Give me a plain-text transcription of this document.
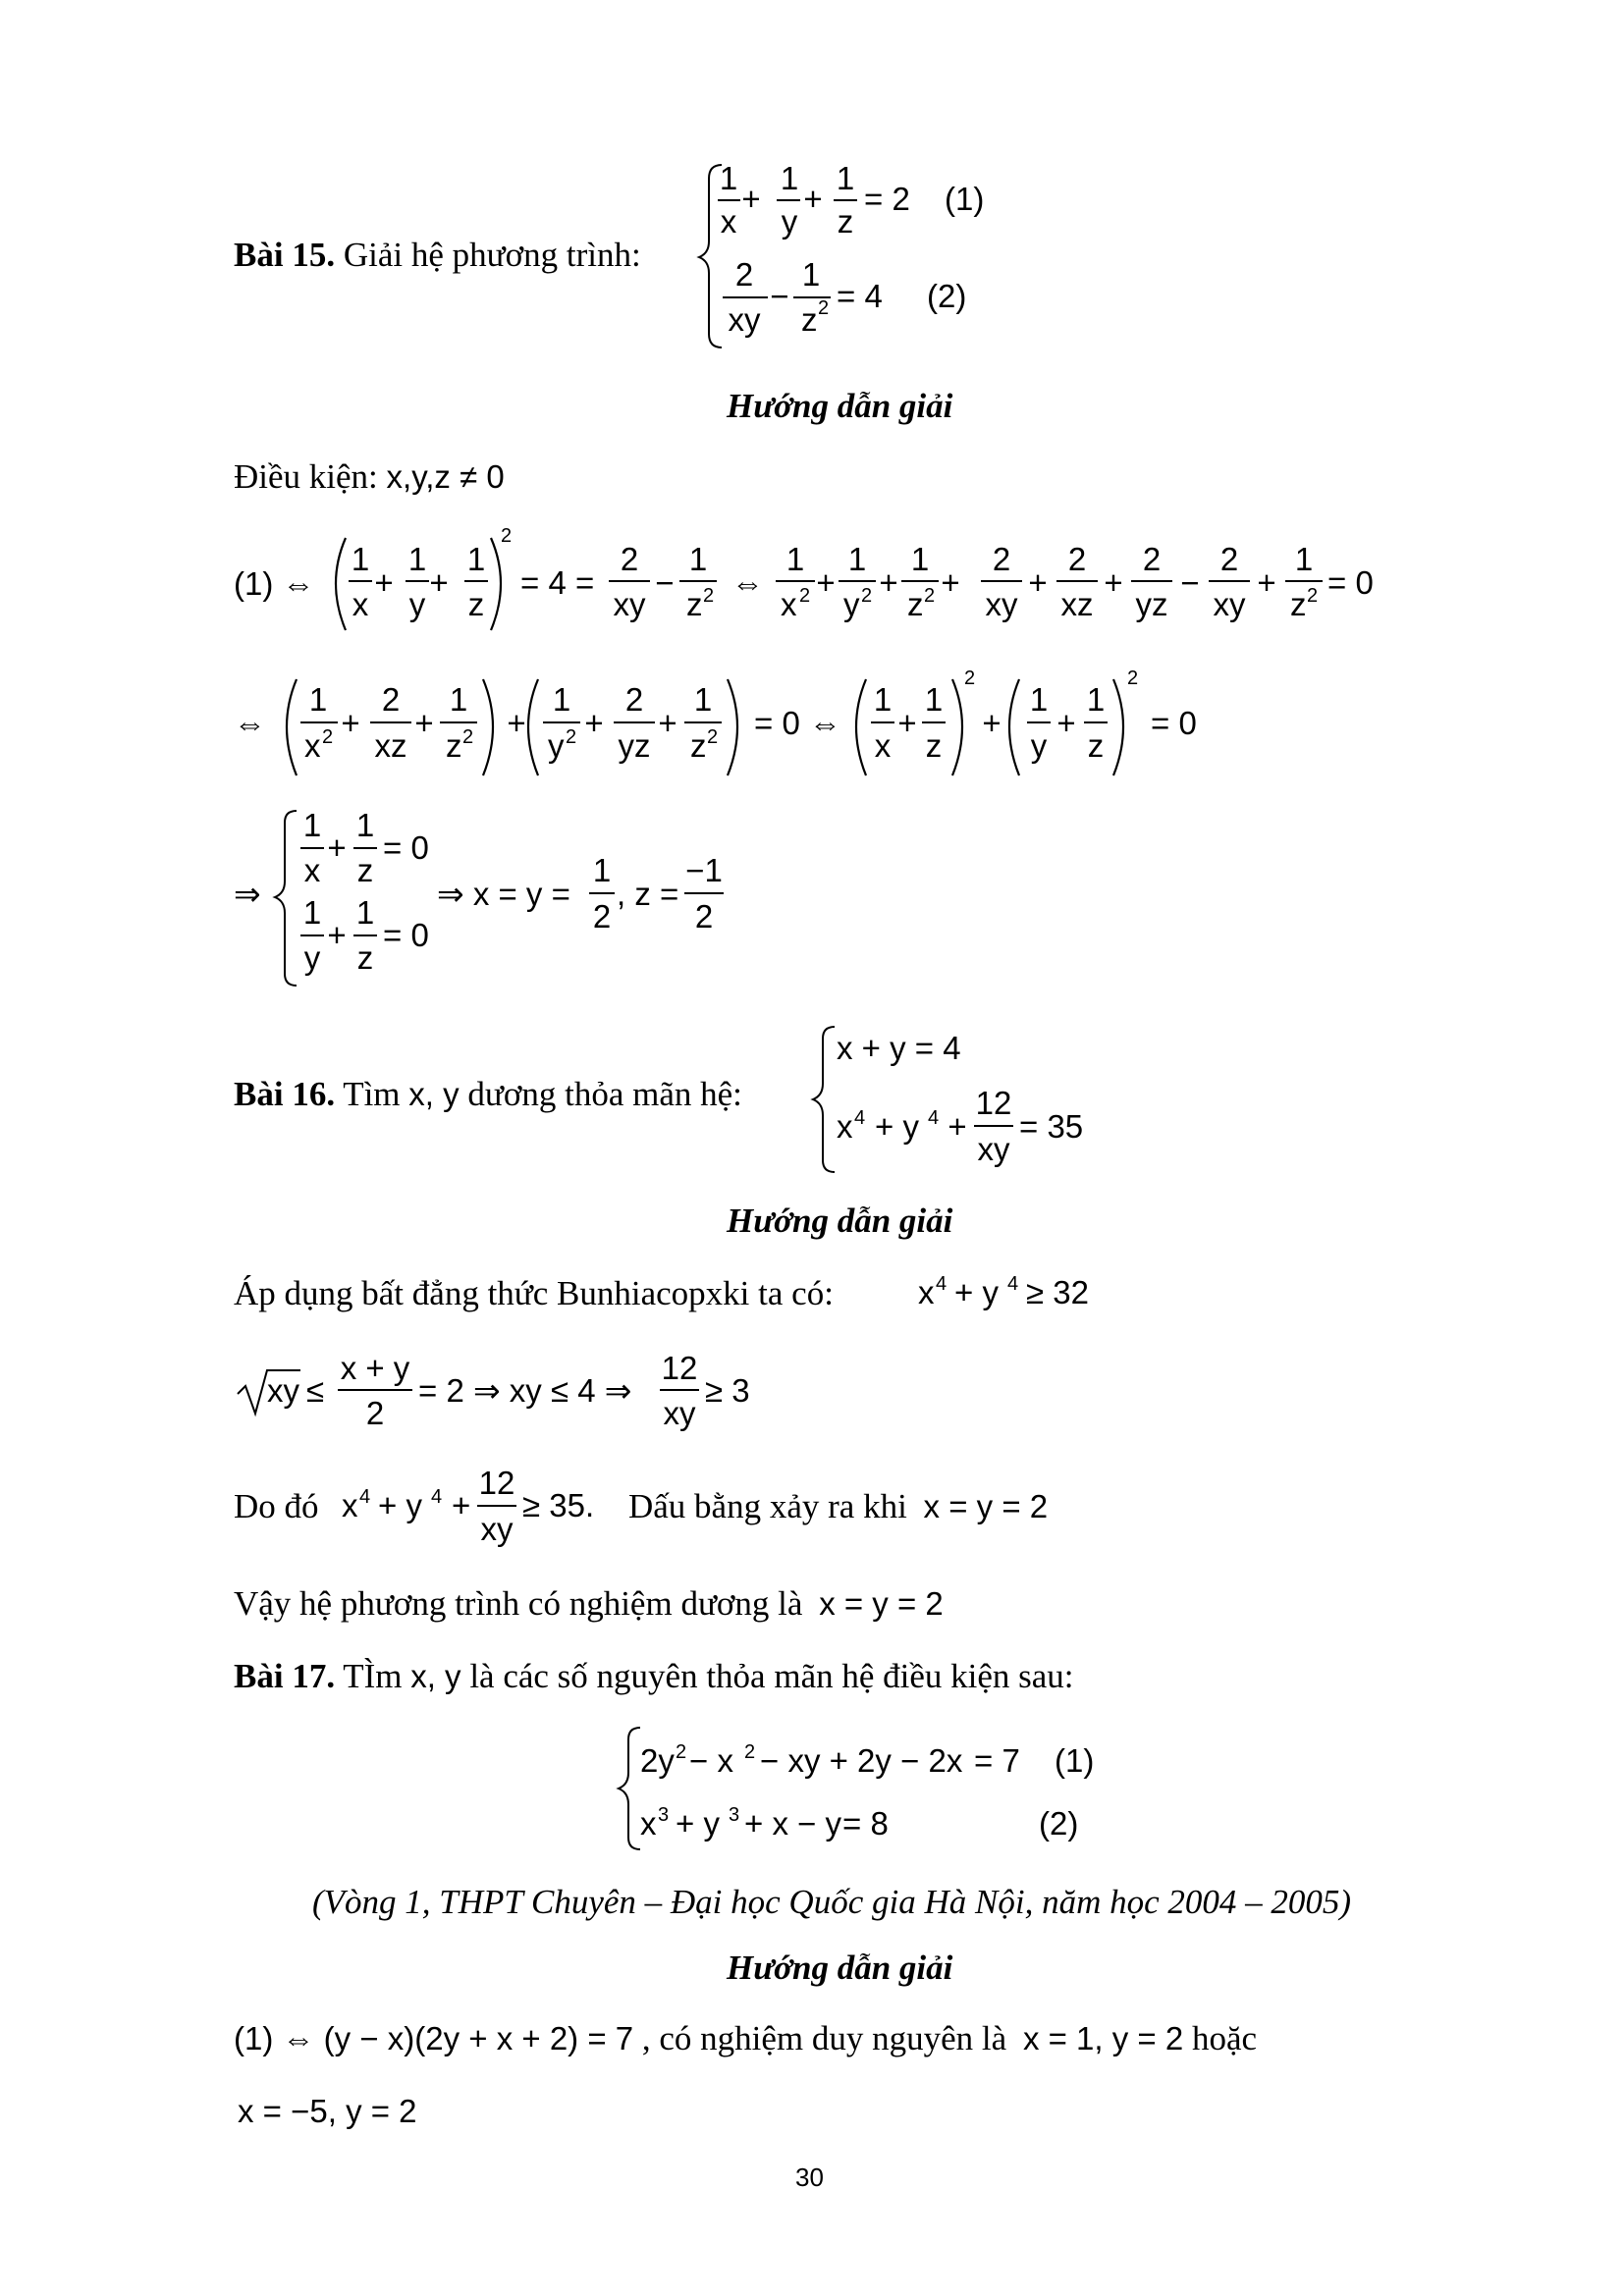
Bài 15. Giải hệ phương trình:
1
x
+
1
y
+
1
z
= 2 (1)
2
xy
−
1
z 2 = 4 (2)
(1) ⇔
1
x
+
1
y
+
1
z
2
= 4 =
2
xy
−
1
z 2 ⇔
1
x 2 +
1
y 2 +
1
z 2 +
2
xy
+
2
xz
+
2
yz
−
2
xy
+
1
z 2 = 0
⇔
1
x 2 +
2
xz
+
1
z 2 +
1
y 2 +
2
yz
+
1
z 2 = 0 ⇔
1
x
+
1
z
2
+
1
y
+
1
z
2
= 0
⇒
1
x
+
1
z
= 0
1
y
+
1
z
= 0
⇒ x = y =
1
2
, z =
−1
2
x + y = 4
x 4 + y 4 +
12
xy
= 35
x 4 + y 4 ≥ 32
xy ≤
x + y
2
= 2 ⇒ xy ≤ 4 ⇒
12
xy
≥ 3
x 4 + y 4 +
12
xy
≥ 35.
Hướng dẫn giải
Điều kiện: x,y,z ≠ 0
Bài 16. Tìm x, y dương thỏa mãn hệ:
Hướng dẫn giải
Áp dụng bất đẳng thức Bunhiacopxki ta có:
Do đó	Dấu bằng xảy ra khi x = y = 2
Vậy hệ phương trình có nghiệm dương là x = y = 2
Bài 17. TÌm x, y là các số nguyên thỏa mãn hệ điều kiện sau:
2y 2 − x 2 − xy + 2y − 2x = 7 (1)
x 3 + y 3 + x − y = 8	(2)
(Vòng 1, THPT Chuyên – Đại học Quốc gia Hà Nội, năm học 2004 – 2005)
Hướng dẫn giải
(1) ⇔ (y − x)(2y + x + 2) = 7 , có nghiệm duy nguyên là x = 1, y = 2 hoặc
x = −5, y = 2
30
